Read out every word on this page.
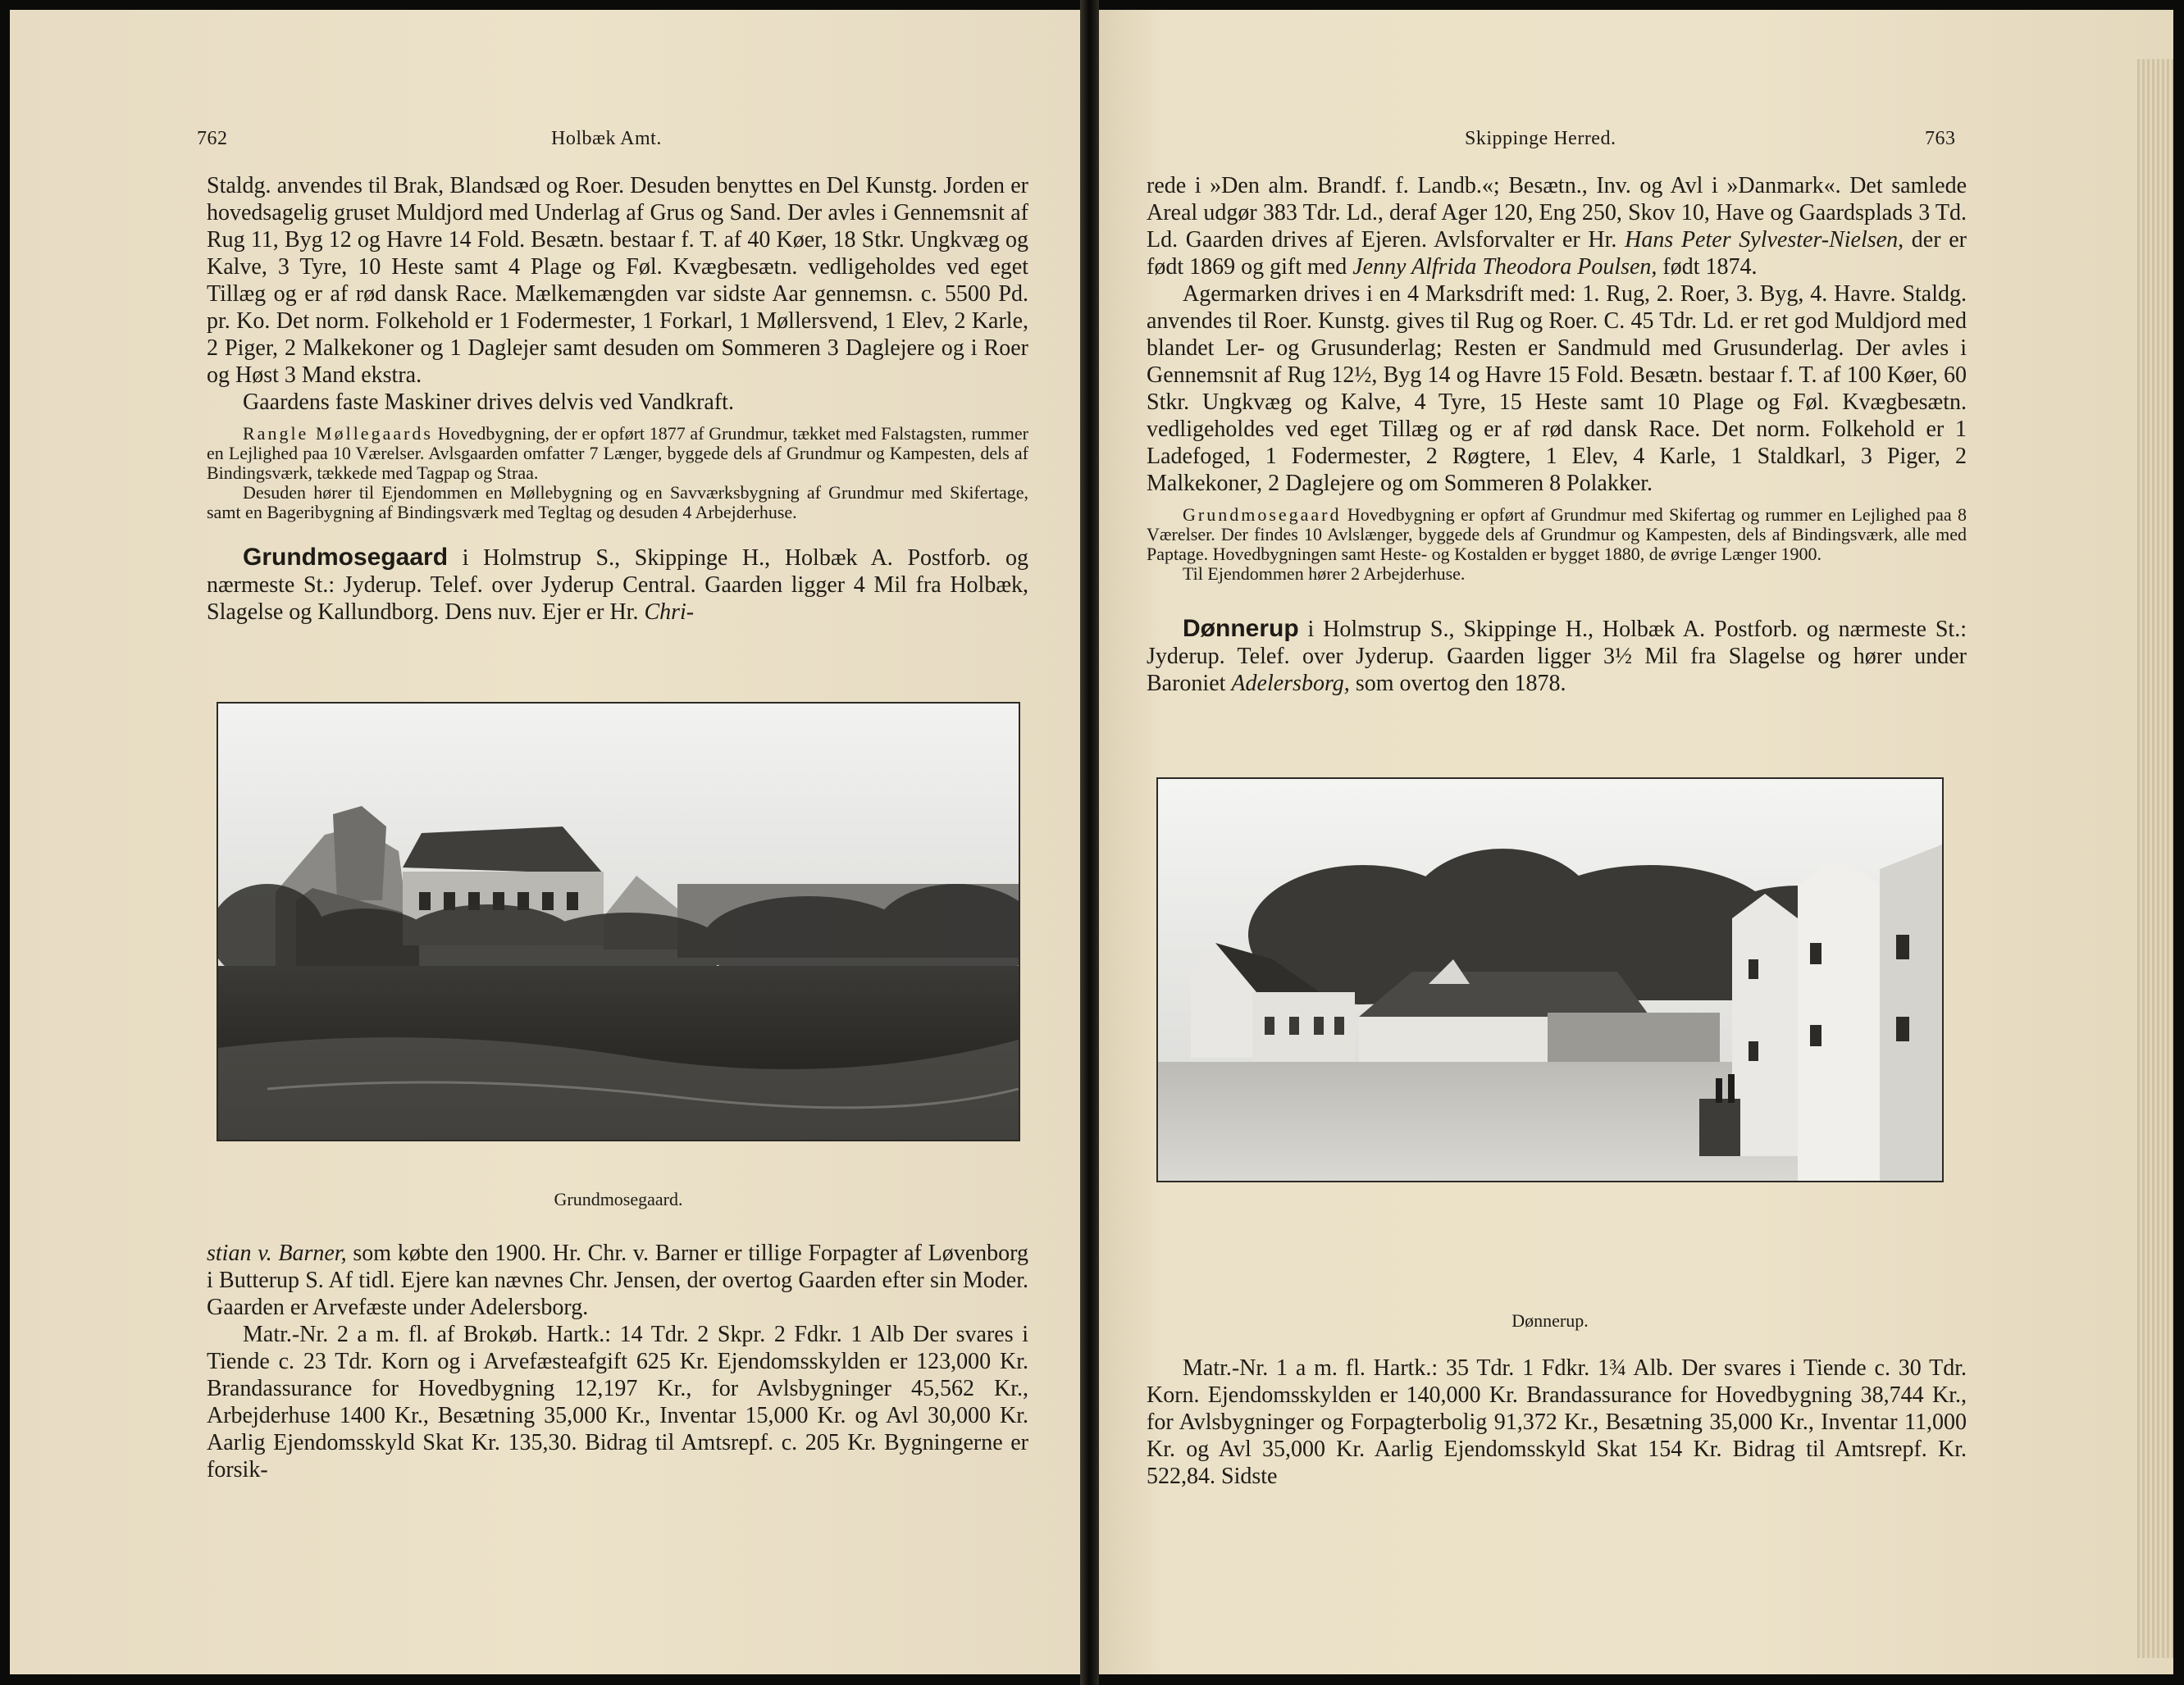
762	Holbæk Amt.

Staldg. anvendes til Brak, Blandsæd og Roer. Desuden benyttes en Del Kunstg. Jorden er hovedsagelig gruset Muldjord med Underlag af Grus og Sand. Der avles i Gennemsnit af Rug 11, Byg 12 og Havre 14 Fold. Besætn. bestaar f. T. af 40 Køer, 18 Stkr. Ungkvæg og Kalve, 3 Tyre, 10 Heste samt 4 Plage og Føl. Kvægbesætn. vedligeholdes ved eget Tillæg og er af rød dansk Race. Mælkemængden var sidste Aar gennemsn. c. 5500 Pd. pr. Ko. Det norm. Folkehold er 1 Fodermester, 1 Forkarl, 1 Møllersvend, 1 Elev, 2 Karle, 2 Piger, 2 Malkekoner og 1 Daglejer samt desuden om Sommeren 3 Daglejere og i Roer og Høst 3 Mand ekstra.

Gaardens faste Maskiner drives delvis ved Vandkraft.

Rangle Møllegaards Hovedbygning, der er opført 1877 af Grundmur, tækket med Falstagsten, rummer en Lejlighed paa 10 Værelser. Avlsgaarden omfatter 7 Længer, byggede dels af Grundmur og Kampesten, dels af Bindingsværk, tækkede med Tagpap og Straa.

Desuden hører til Ejendommen en Møllebygning og en Savværksbygning af Grundmur med Skifertage, samt en Bageribygning af Bindingsværk med Tegltag og desuden 4 Arbejderhuse.

Grundmosegaard i Holmstrup S., Skippinge H., Holbæk A. Postforb. og nærmeste St.: Jyderup. Telef. over Jyderup Central. Gaarden ligger 4 Mil fra Holbæk, Slagelse og Kallundborg. Dens nuv. Ejer er Hr. Chri-

Grundmosegaard.

stian v. Barner, som købte den 1900. Hr. Chr. v. Barner er tillige Forpagter af Løvenborg i Butterup S. Af tidl. Ejere kan nævnes Chr. Jensen, der overtog Gaarden efter sin Moder. Gaarden er Arvefæste under Adelersborg.

Matr.-Nr. 2 a m. fl. af Brokøb. Hartk.: 14 Tdr. 2 Skpr. 2 Fdkr. 1 Alb Der svares i Tiende c. 23 Tdr. Korn og i Arvefæsteafgift 625 Kr. Ejendomsskylden er 123,000 Kr. Brandassurance for Hovedbygning 12,197 Kr., for Avlsbygninger 45,562 Kr., Arbejderhuse 1400 Kr., Besætning 35,000 Kr., Inventar 15,000 Kr. og Avl 30,000 Kr. Aarlig Ejendomsskyld Skat Kr. 135,30. Bidrag til Amtsrepf. c. 205 Kr. Bygningerne er forsik-

Skippinge Herred.	763

rede i »Den alm. Brandf. f. Landb.«; Besætn., Inv. og Avl i »Danmark«. Det samlede Areal udgør 383 Tdr. Ld., deraf Ager 120, Eng 250, Skov 10, Have og Gaardsplads 3 Td. Ld. Gaarden drives af Ejeren. Avlsforvalter er Hr. Hans Peter Sylvester-Nielsen, der er født 1869 og gift med Jenny Alfrida Theodora Poulsen, født 1874.

Agermarken drives i en 4 Marksdrift med: 1. Rug, 2. Roer, 3. Byg, 4. Havre. Staldg. anvendes til Roer. Kunstg. gives til Rug og Roer. C. 45 Tdr. Ld. er ret god Muldjord med blandet Ler- og Grusunderlag; Resten er Sandmuld med Grusunderlag. Der avles i Gennemsnit af Rug 12½, Byg 14 og Havre 15 Fold. Besætn. bestaar f. T. af 100 Køer, 60 Stkr. Ungkvæg og Kalve, 4 Tyre, 15 Heste samt 10 Plage og Føl. Kvægbesætn. vedligeholdes ved eget Tillæg og er af rød dansk Race. Det norm. Folkehold er 1 Ladefoged, 1 Fodermester, 2 Røgtere, 1 Elev, 4 Karle, 1 Staldkarl, 3 Piger, 2 Malkekoner, 2 Daglejere og om Sommeren 8 Polakker.

Grundmosegaard Hovedbygning er opført af Grundmur med Skifertag og rummer en Lejlighed paa 8 Værelser. Der findes 10 Avlslænger, byggede dels af Grundmur og Kampesten, dels af Bindingsværk, alle med Paptage. Hovedbygningen samt Heste- og Kostalden er bygget 1880, de øvrige Længer 1900.

Til Ejendommen hører 2 Arbejderhuse.

Dønnerup i Holmstrup S., Skippinge H., Holbæk A. Postforb. og nærmeste St.: Jyderup. Telef. over Jyderup. Gaarden ligger 3½ Mil fra Slagelse og hører under Baroniet Adelersborg, som overtog den 1878.

Dønnerup.

Matr.-Nr. 1 a m. fl. Hartk.: 35 Tdr. 1 Fdkr. 1¾ Alb. Der svares i Tiende c. 30 Tdr. Korn. Ejendomsskylden er 140,000 Kr. Brandassurance for Hovedbygning 38,744 Kr., for Avlsbygninger og Forpagterbolig 91,372 Kr., Besætning 35,000 Kr., Inventar 11,000 Kr. og Avl 35,000 Kr. Aarlig Ejendomsskyld Skat 154 Kr. Bidrag til Amtsrepf. Kr. 522,84. Sidste
